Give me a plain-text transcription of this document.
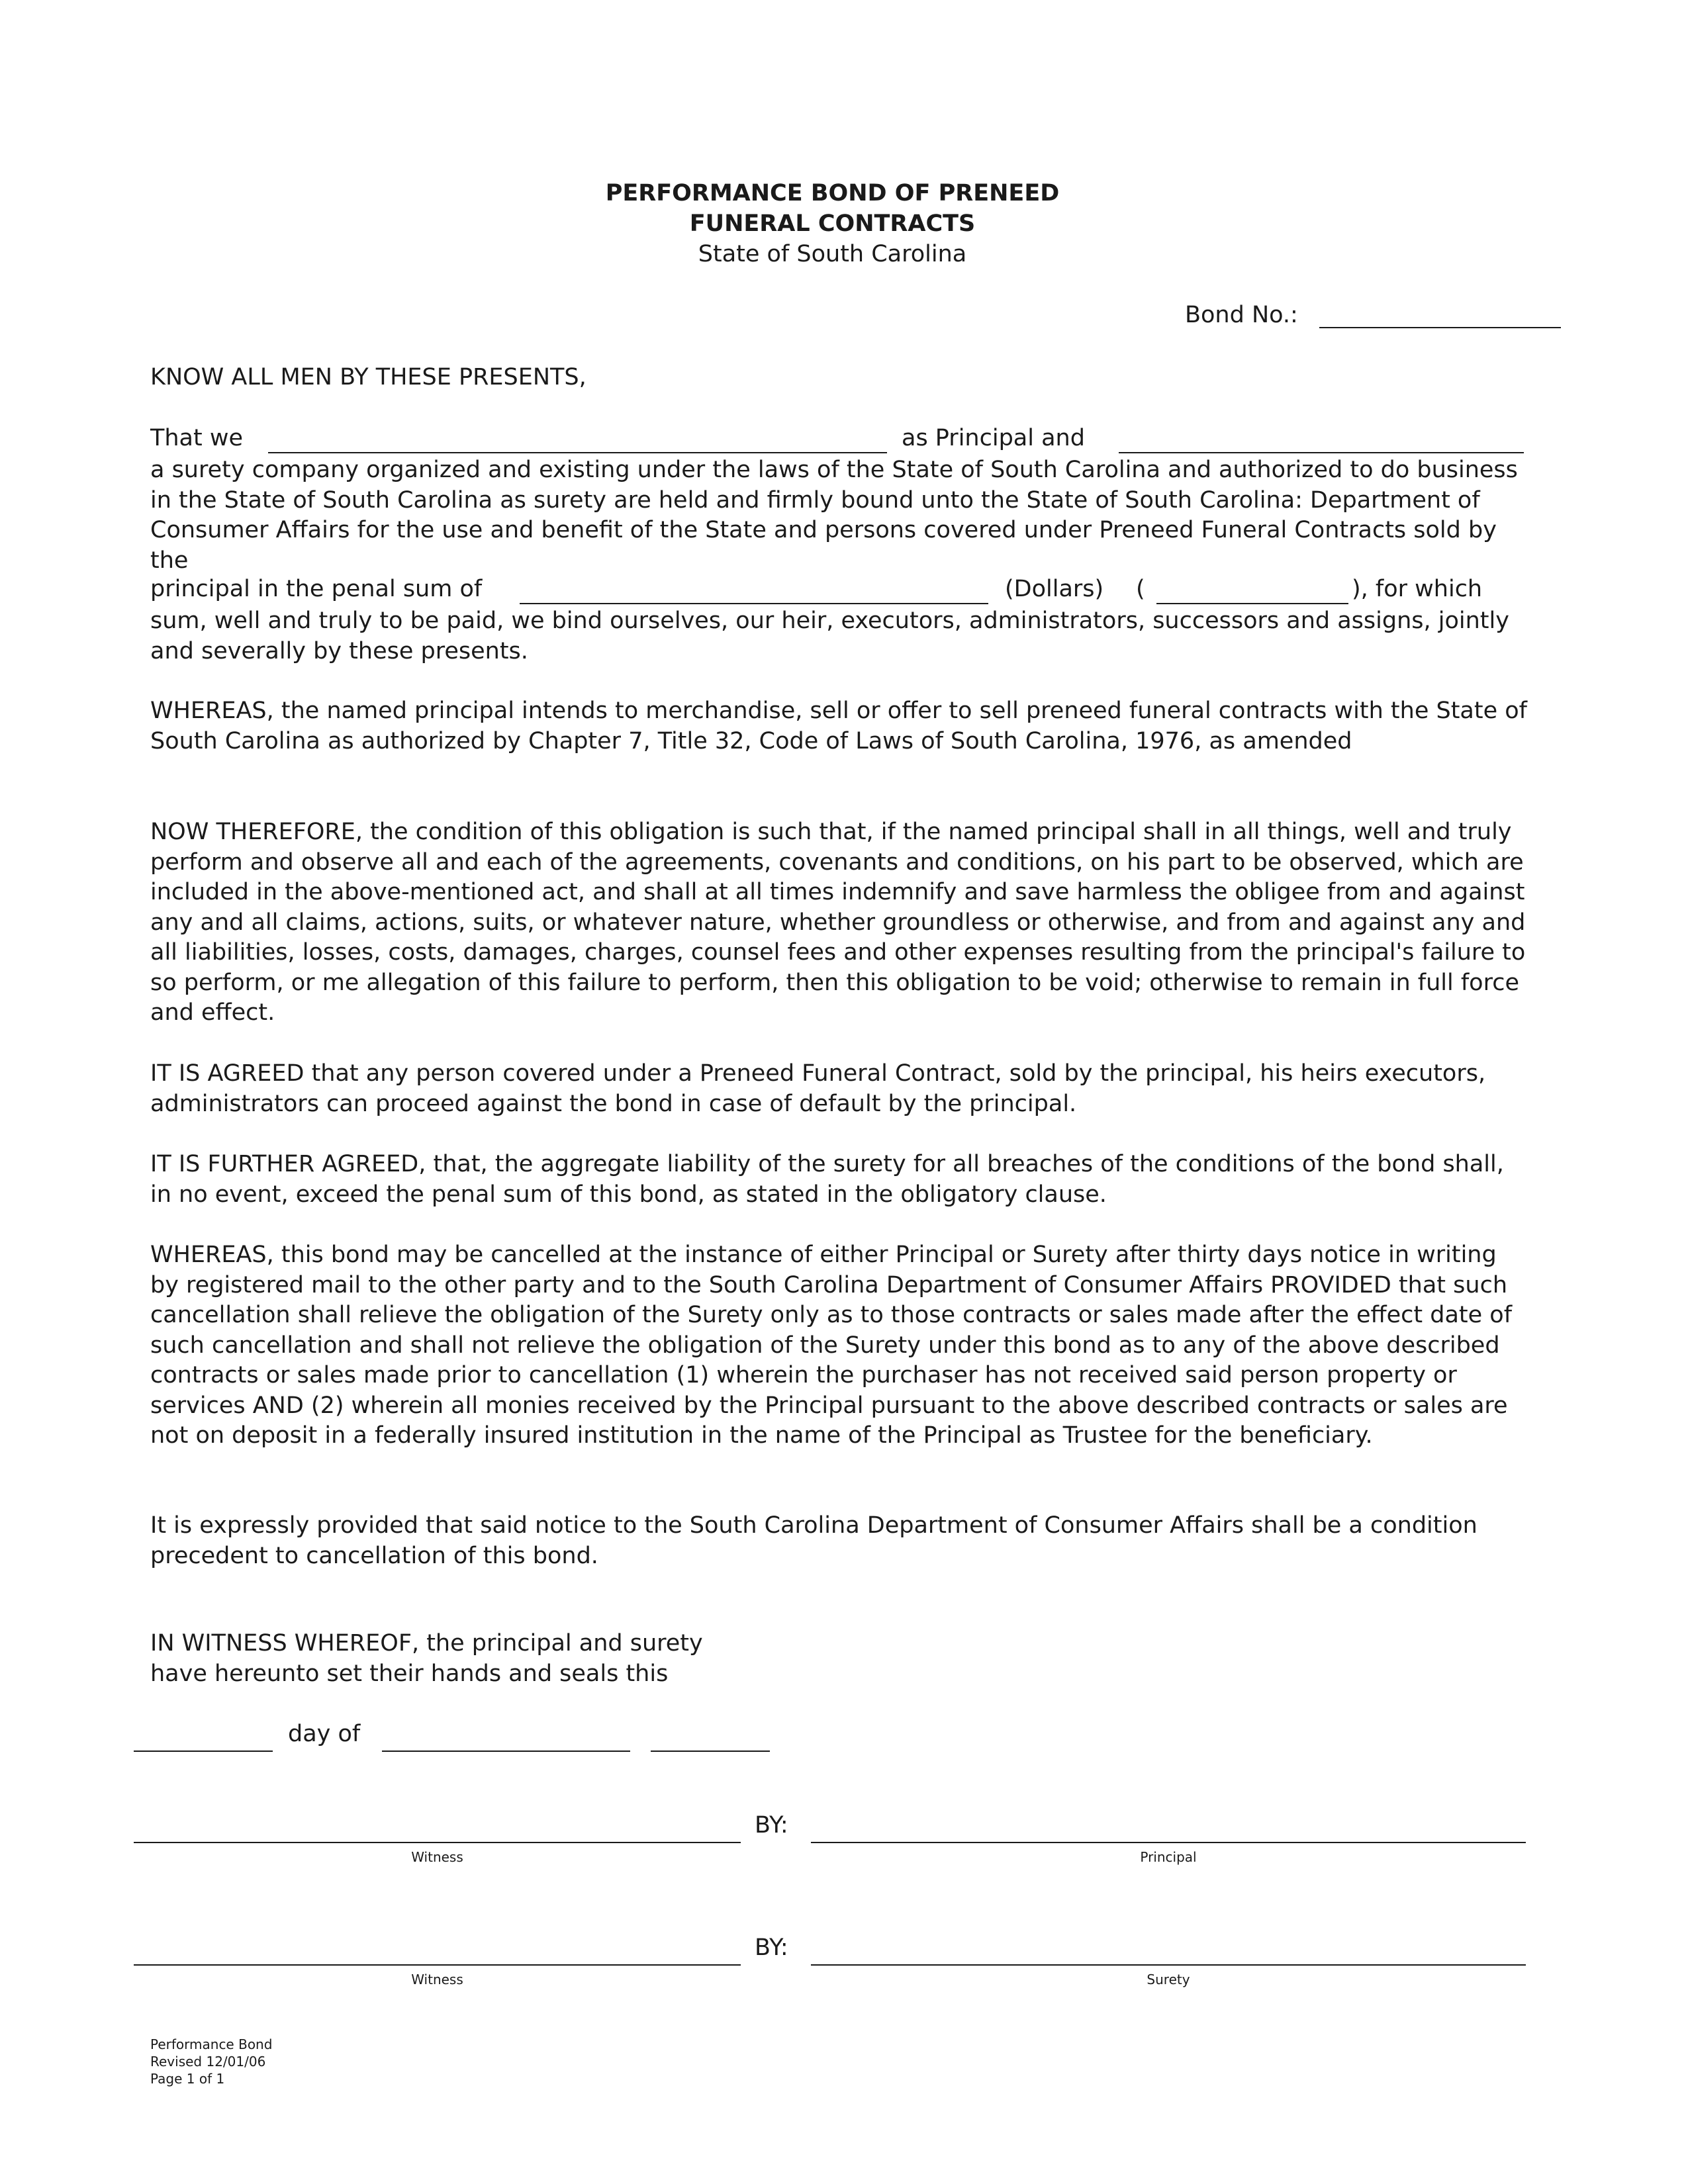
PERFORMANCE BOND OF PRENEED
FUNERAL CONTRACTS
State of South Carolina
Bond No.:
KNOW ALL MEN BY THESE PRESENTS,
That we	as Principal and
a surety company organized and existing under the laws of the State of South Carolina and authorized to do business in the State of South Carolina as surety are held and firmly bound unto the State of South Carolina: Department of Consumer Affairs for the use and benefit of the State and persons covered under Preneed Funeral Contracts sold by the
principal in the penal sum of	(Dollars) (	), for which
sum, well and truly to be paid, we bind ourselves, our heir, executors, administrators, successors and assigns, jointly and severally by these presents.
WHEREAS, the named principal intends to merchandise, sell or offer to sell preneed funeral contracts with the State of South Carolina as authorized by Chapter 7, Title 32, Code of Laws of South Carolina, 1976, as amended
NOW THEREFORE, the condition of this obligation is such that, if the named principal shall in all things, well and truly perform and observe all and each of the agreements, covenants and conditions, on his part to be observed, which are included in the above-mentioned act, and shall at all times indemnify and save harmless the obligee from and against any and all claims, actions, suits, or whatever nature, whether groundless or otherwise, and from and against any and all liabilities, losses, costs, damages, charges, counsel fees and other expenses resulting from the principal's failure to so perform, or me allegation of this failure to perform, then this obligation to be void; otherwise to remain in full force and effect.
IT IS AGREED that any person covered under a Preneed Funeral Contract, sold by the principal, his heirs executors, administrators can proceed against the bond in case of default by the principal.
IT IS FURTHER AGREED, that, the aggregate liability of the surety for all breaches of the conditions of the bond shall, in no event, exceed the penal sum of this bond, as stated in the obligatory clause.
WHEREAS, this bond may be cancelled at the instance of either Principal or Surety after thirty days notice in writing by registered mail to the other party and to the South Carolina Department of Consumer Affairs PROVIDED that such cancellation shall relieve the obligation of the Surety only as to those contracts or sales made after the effect date of such cancellation and shall not relieve the obligation of the Surety under this bond as to any of the above described contracts or sales made prior to cancellation (1) wherein the purchaser has not received said person property or services AND (2) wherein all monies received by the Principal pursuant to the above described contracts or sales are not on deposit in a federally insured institution in the name of the Principal as Trustee for the beneficiary.
It is expressly provided that said notice to the South Carolina Department of Consumer Affairs shall be a condition precedent to cancellation of this bond.
IN WITNESS WHEREOF, the principal and surety
have hereunto set their hands and seals this
day of
Witness
BY:
Principal
Witness
BY:
Surety
Performance Bond
Revised 12/01/06
Page 1 of 1
